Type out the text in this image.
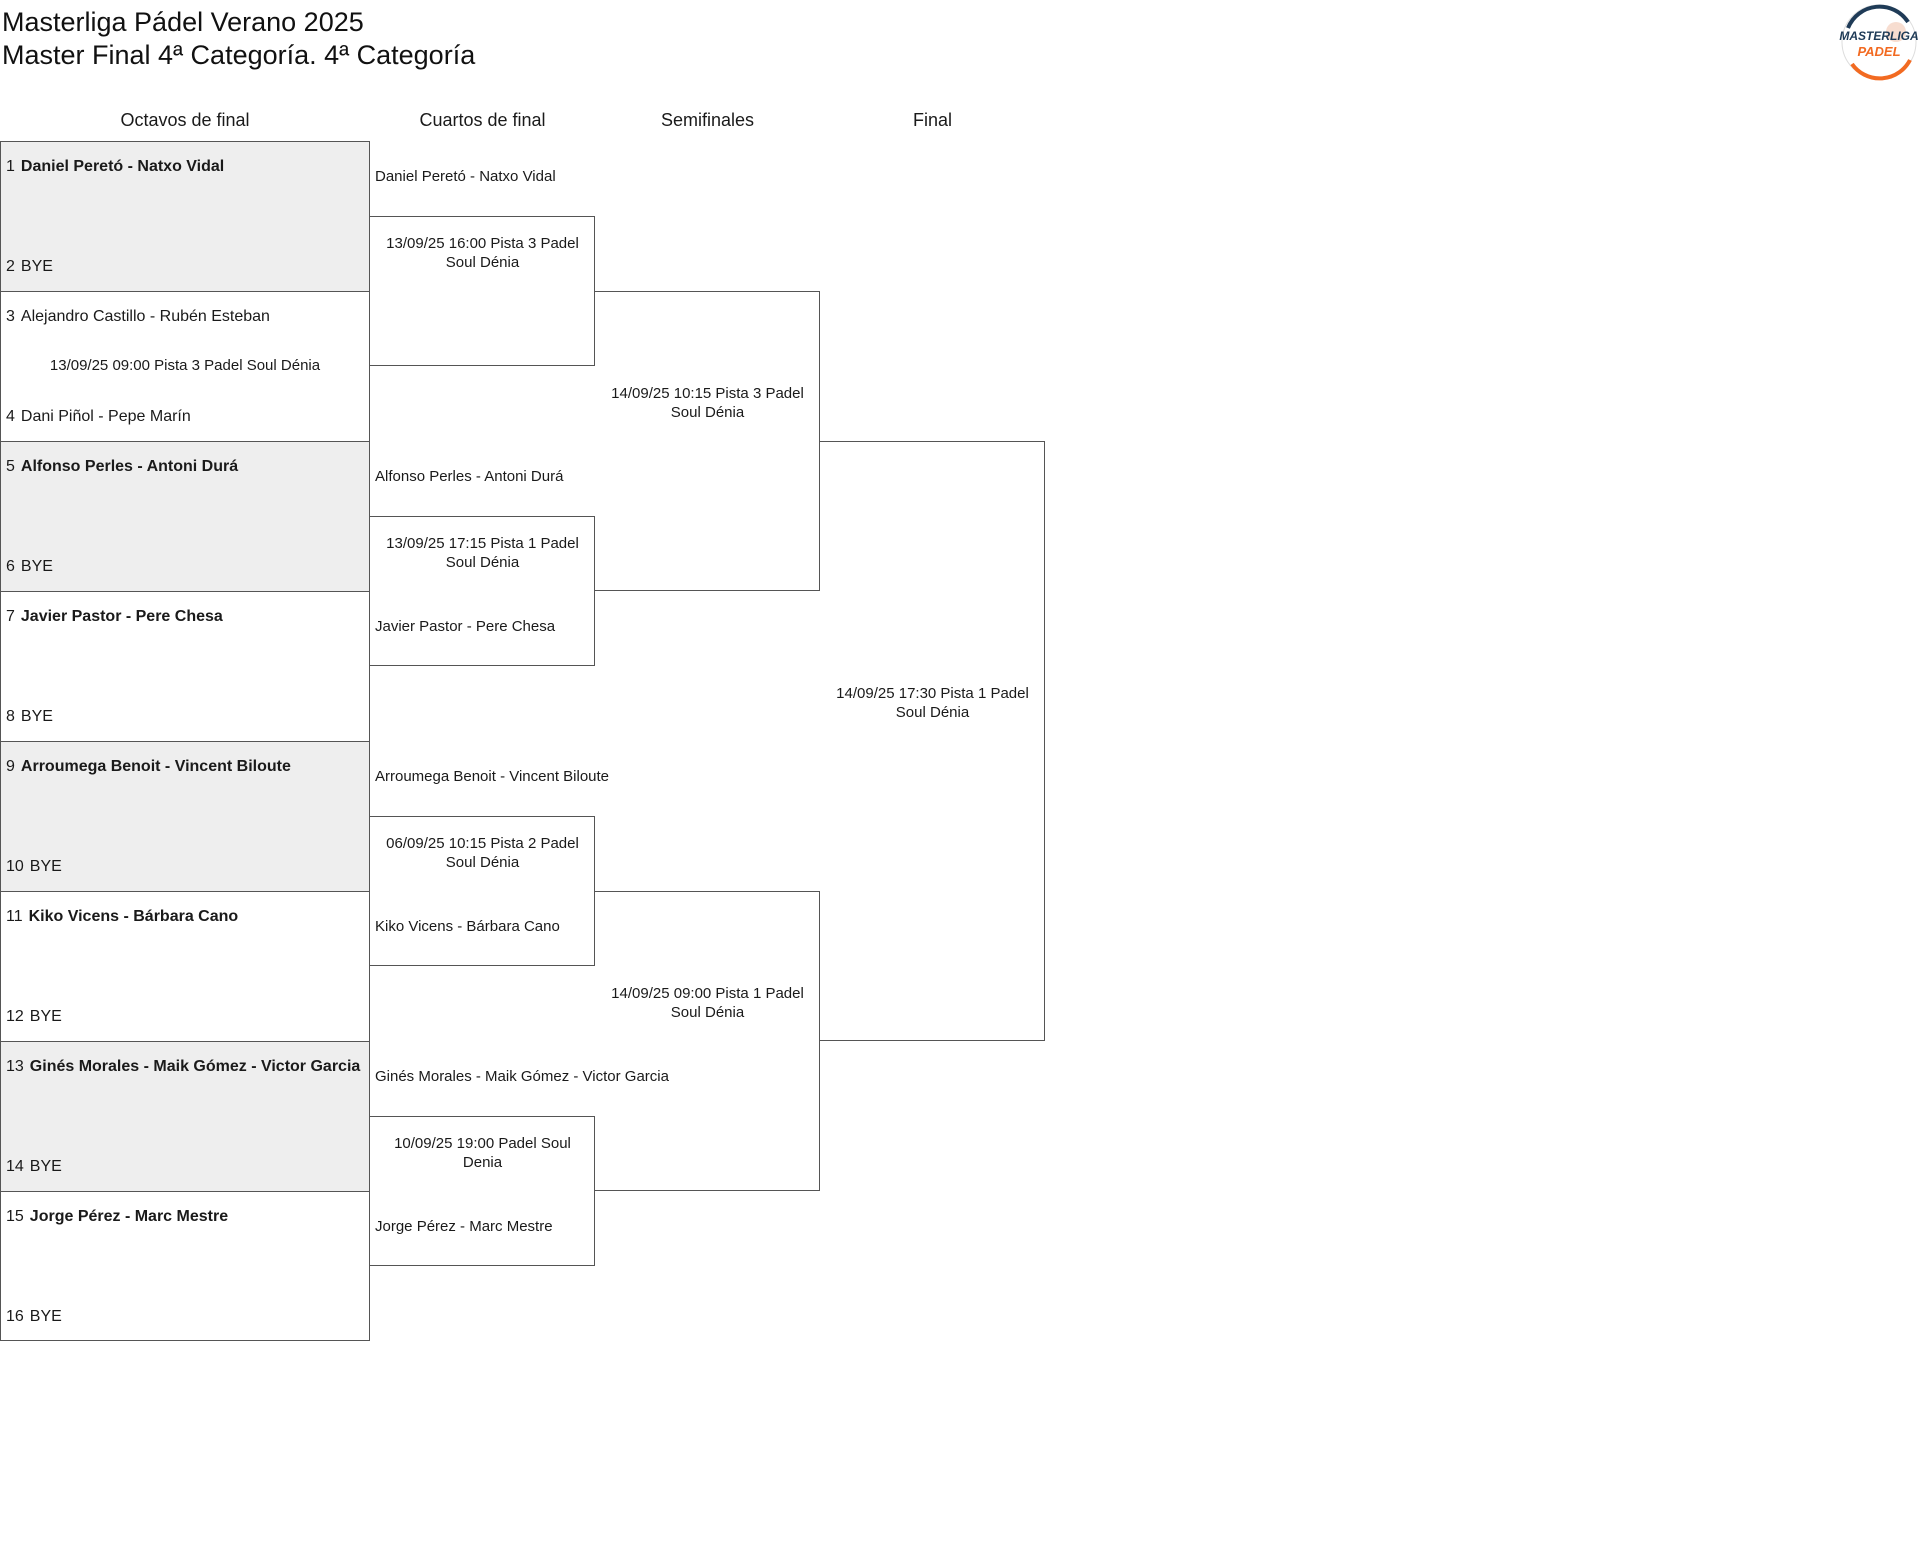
Masterliga Pádel Verano 2025
Master Final 4ª Categoría. 4ª Categoría
MASTERLIGA
PADEL
Octavos de final	Cuartos de final	Semifinales	Final
1 Daniel Peretó - Natxo Vidal
2 BYE
3 Alejandro Castillo - Rubén Esteban
13/09/25 09:00 Pista 3 Padel Soul Dénia
4 Dani Piñol - Pepe Marín
5 Alfonso Perles - Antoni Durá
6 BYE
7 Javier Pastor - Pere Chesa
8 BYE
9 Arroumega Benoit - Vincent Biloute
10 BYE
11 Kiko Vicens - Bárbara Cano
12 BYE
13 Ginés Morales - Maik Gómez - Victor Garcia
14 BYE
15 Jorge Pérez - Marc Mestre
16 BYE
Daniel Peretó - Natxo Vidal
13/09/25 16:00 Pista 3 Padel Soul Dénia
Alfonso Perles - Antoni Durá
13/09/25 17:15 Pista 1 Padel Soul Dénia
Javier Pastor - Pere Chesa
Arroumega Benoit - Vincent Biloute
06/09/25 10:15 Pista 2 Padel Soul Dénia
Kiko Vicens - Bárbara Cano
Ginés Morales - Maik Gómez - Victor Garcia
10/09/25 19:00 Padel Soul Denia
Jorge Pérez - Marc Mestre
14/09/25 10:15 Pista 3 Padel Soul Dénia
14/09/25 09:00 Pista 1 Padel Soul Dénia
14/09/25 17:30 Pista 1 Padel Soul Dénia
